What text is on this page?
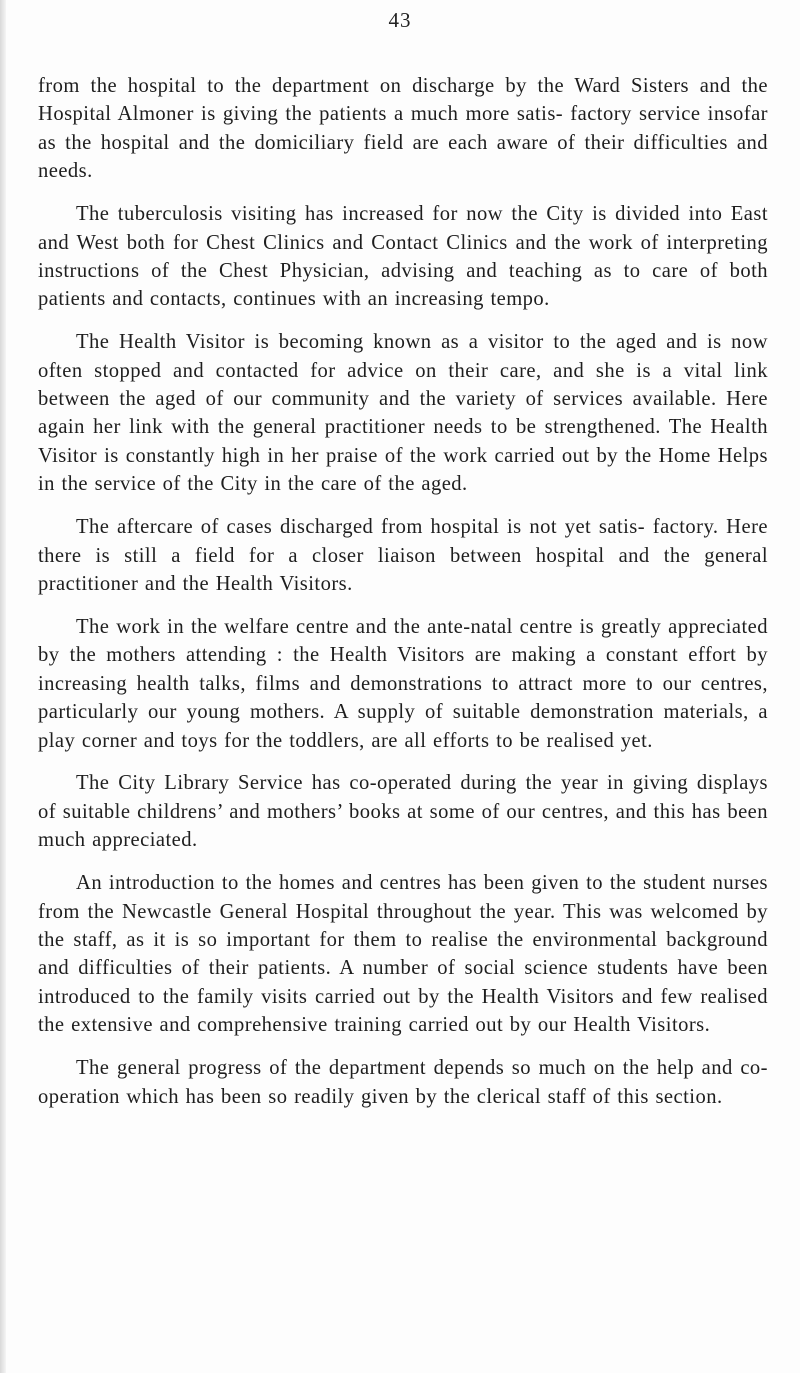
43

from the hospital to the department on discharge by the Ward Sisters and the Hospital Almoner is giving the patients a much more satis- factory service insofar as the hospital and the domiciliary field are each aware of their difficulties and needs.

The tuberculosis visiting has increased for now the City is divided into East and West both for Chest Clinics and Contact Clinics and the work of interpreting instructions of the Chest Physician, advising and teaching as to care of both patients and contacts, continues with an increasing tempo.

The Health Visitor is becoming known as a visitor to the aged and is now often stopped and contacted for advice on their care, and she is a vital link between the aged of our community and the variety of services available. Here again her link with the general practitioner needs to be strengthened. The Health Visitor is constantly high in her praise of the work carried out by the Home Helps in the service of the City in the care of the aged.

The aftercare of cases discharged from hospital is not yet satis- factory. Here there is still a field for a closer liaison between hospital and the general practitioner and the Health Visitors.

The work in the welfare centre and the ante-natal centre is greatly appreciated by the mothers attending : the Health Visitors are making a constant effort by increasing health talks, films and demonstrations to attract more to our centres, particularly our young mothers. A supply of suitable demonstration materials, a play corner and toys for the toddlers, are all efforts to be realised yet.

The City Library Service has co-operated during the year in giving displays of suitable childrens’ and mothers’ books at some of our centres, and this has been much appreciated.

An introduction to the homes and centres has been given to the student nurses from the Newcastle General Hospital throughout the year. This was welcomed by the staff, as it is so important for them to realise the environmental background and difficulties of their patients. A number of social science students have been introduced to the family visits carried out by the Health Visitors and few realised the extensive and comprehensive training carried out by our Health Visitors.

The general progress of the department depends so much on the help and co-operation which has been so readily given by the clerical staff of this section.
